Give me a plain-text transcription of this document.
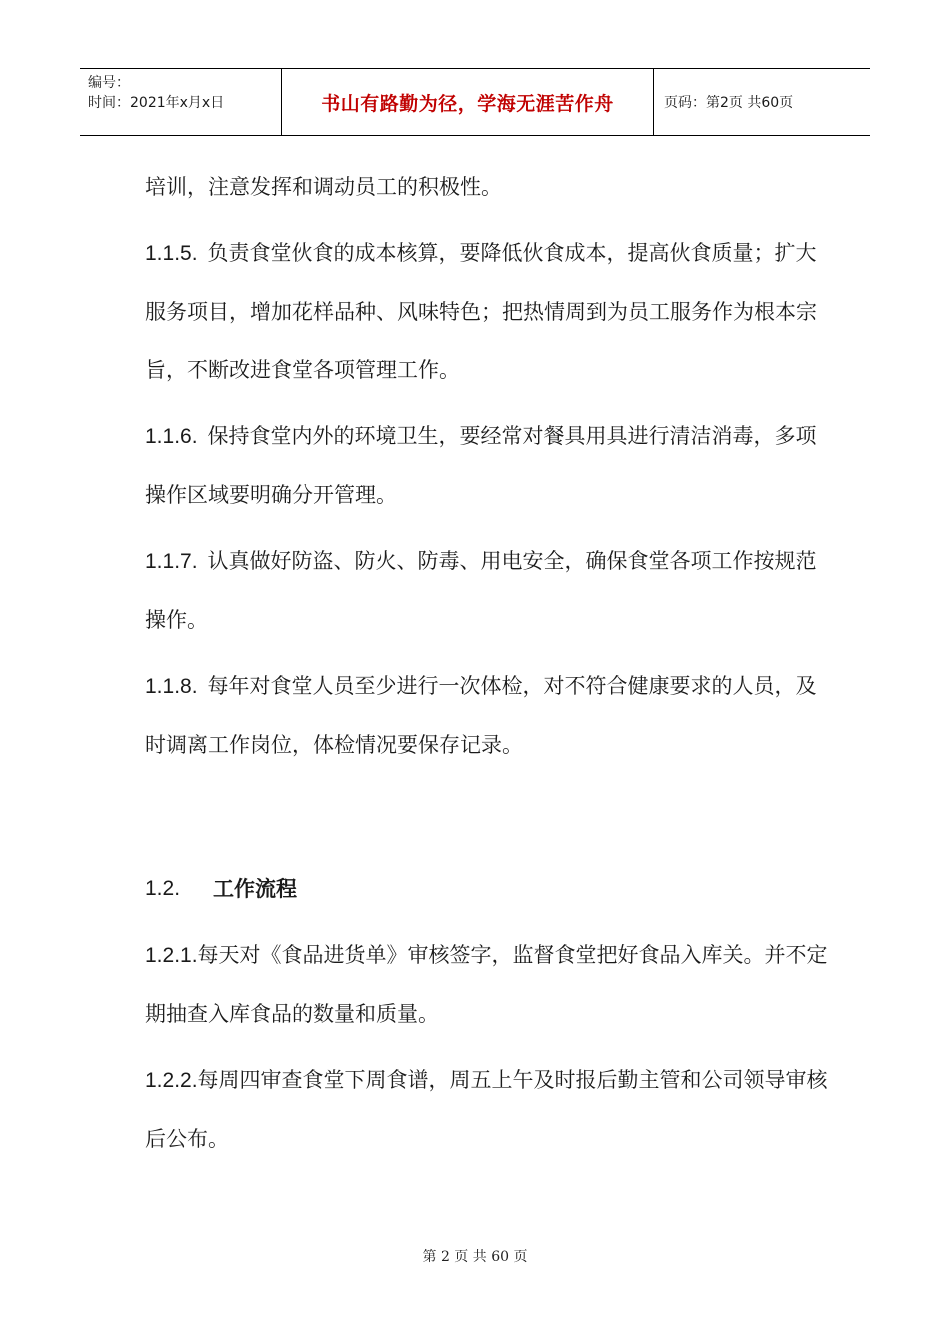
编号：
时间：2021年x月x日	书山有路勤为径，学海无涯苦作舟	页码：第2页 共60页

培训，注意发挥和调动员工的积极性。

1.1.5. 负责食堂伙食的成本核算，要降低伙食成本，提高伙食质量；扩大服务项目，增加花样品种、风味特色；把热情周到为员工服务作为根本宗旨，不断改进食堂各项管理工作。

1.1.6. 保持食堂内外的环境卫生，要经常对餐具用具进行清洁消毒，多项操作区域要明确分开管理。

1.1.7. 认真做好防盗、防火、防毒、用电安全，确保食堂各项工作按规范操作。

1.1.8. 每年对食堂人员至少进行一次体检，对不符合健康要求的人员，及时调离工作岗位，体检情况要保存记录。

1.2.	工作流程

1.2.1.每天对《食品进货单》审核签字，监督食堂把好食品入库关。并不定期抽查入库食品的数量和质量。

1.2.2.每周四审查食堂下周食谱，周五上午及时报后勤主管和公司领导审核后公布。

第 2 页 共 60 页
